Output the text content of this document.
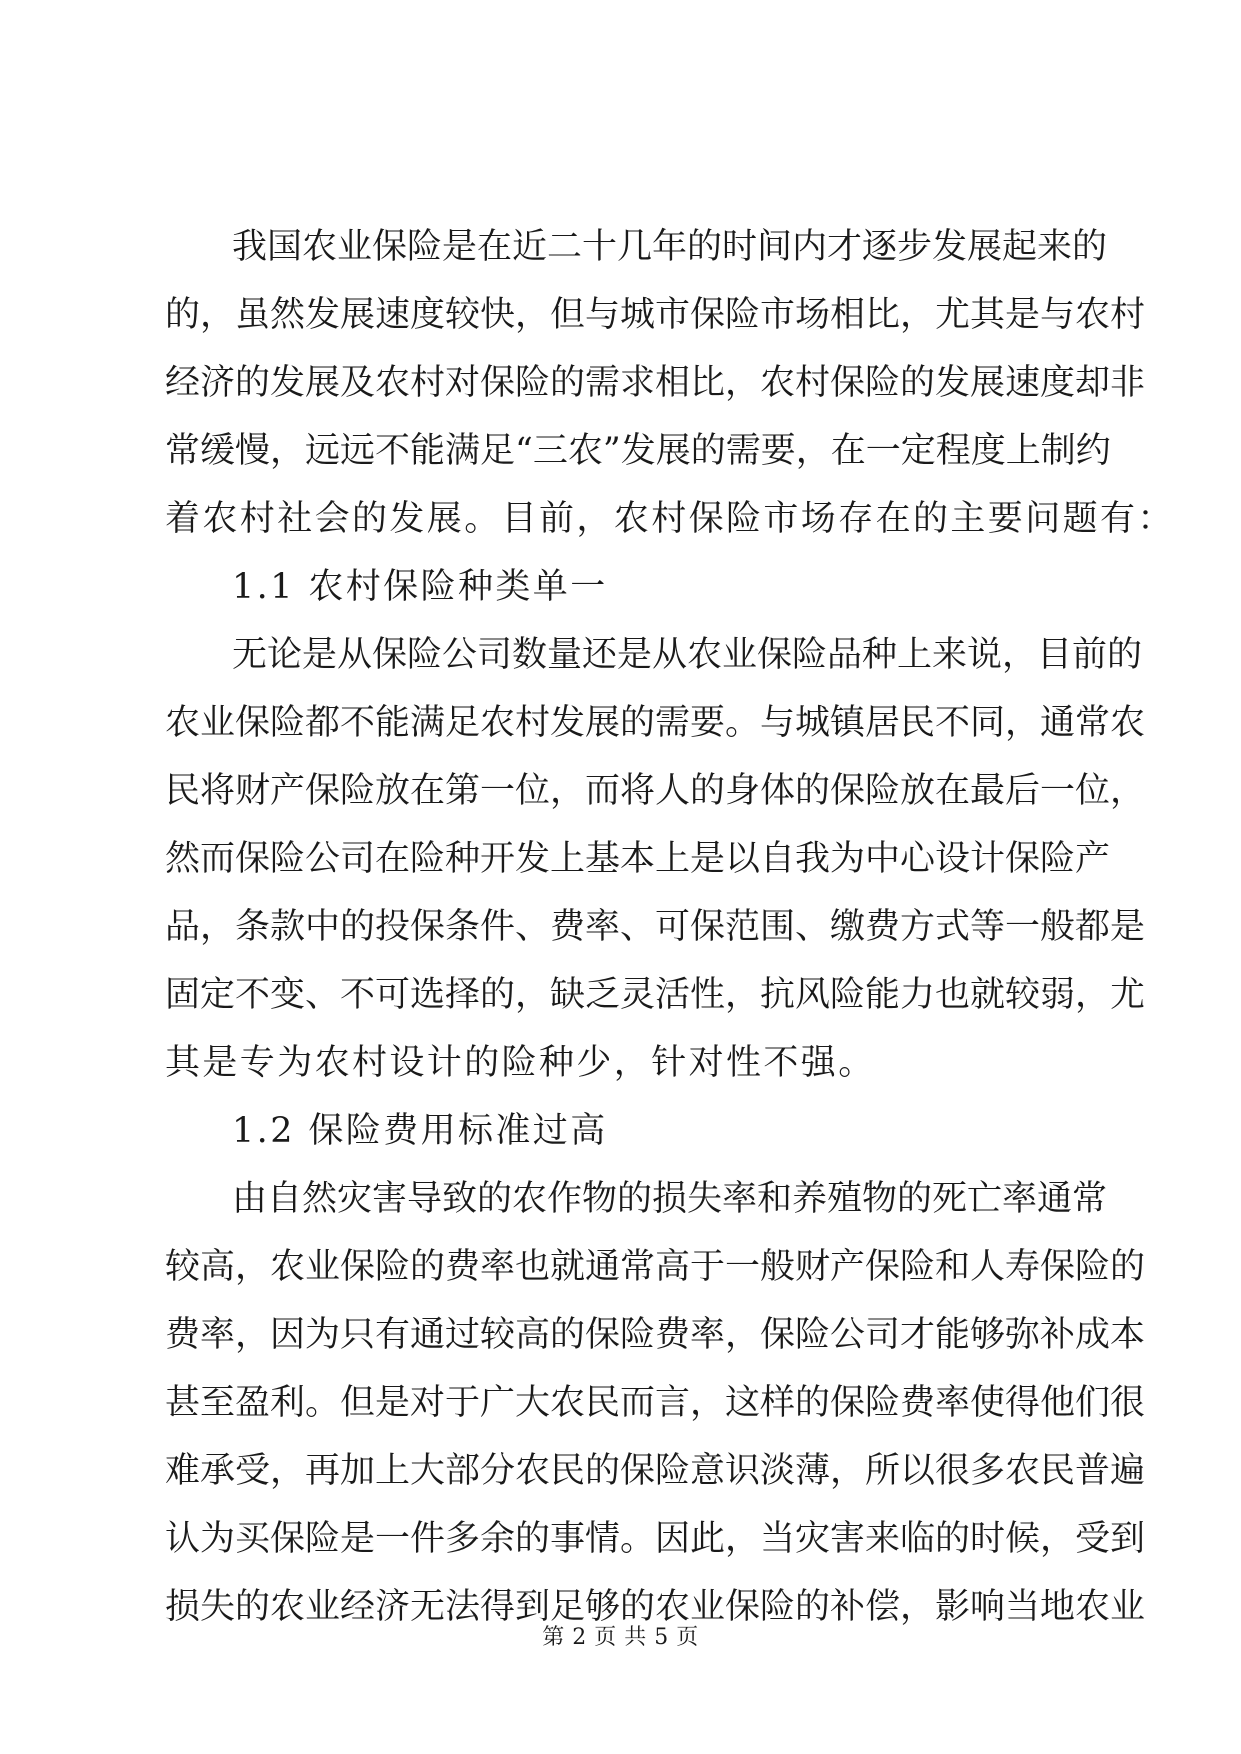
我国农业保险是在近二十几年的时间内才逐步发展起来的
的，虽然发展速度较快，但与城市保险市场相比，尤其是与农村
经济的发展及农村对保险的需求相比，农村保险的发展速度却非
常缓慢，远远不能满足“三农”发展的需要，在一定程度上制约
着农村社会的发展。目前，农村保险市场存在的主要问题有：
1.1 农村保险种类单一
无论是从保险公司数量还是从农业保险品种上来说，目前的
农业保险都不能满足农村发展的需要。与城镇居民不同，通常农
民将财产保险放在第一位，而将人的身体的保险放在最后一位，
然而保险公司在险种开发上基本上是以自我为中心设计保险产
品，条款中的投保条件、费率、可保范围、缴费方式等一般都是
固定不变、不可选择的，缺乏灵活性，抗风险能力也就较弱，尤
其是专为农村设计的险种少，针对性不强。
1.2 保险费用标准过高
由自然灾害导致的农作物的损失率和养殖物的死亡率通常
较高，农业保险的费率也就通常高于一般财产保险和人寿保险的
费率，因为只有通过较高的保险费率，保险公司才能够弥补成本
甚至盈利。但是对于广大农民而言，这样的保险费率使得他们很
难承受，再加上大部分农民的保险意识淡薄，所以很多农民普遍
认为买保险是一件多余的事情。因此，当灾害来临的时候，受到
损失的农业经济无法得到足够的农业保险的补偿，影响当地农业
第 2 页 共 5 页
